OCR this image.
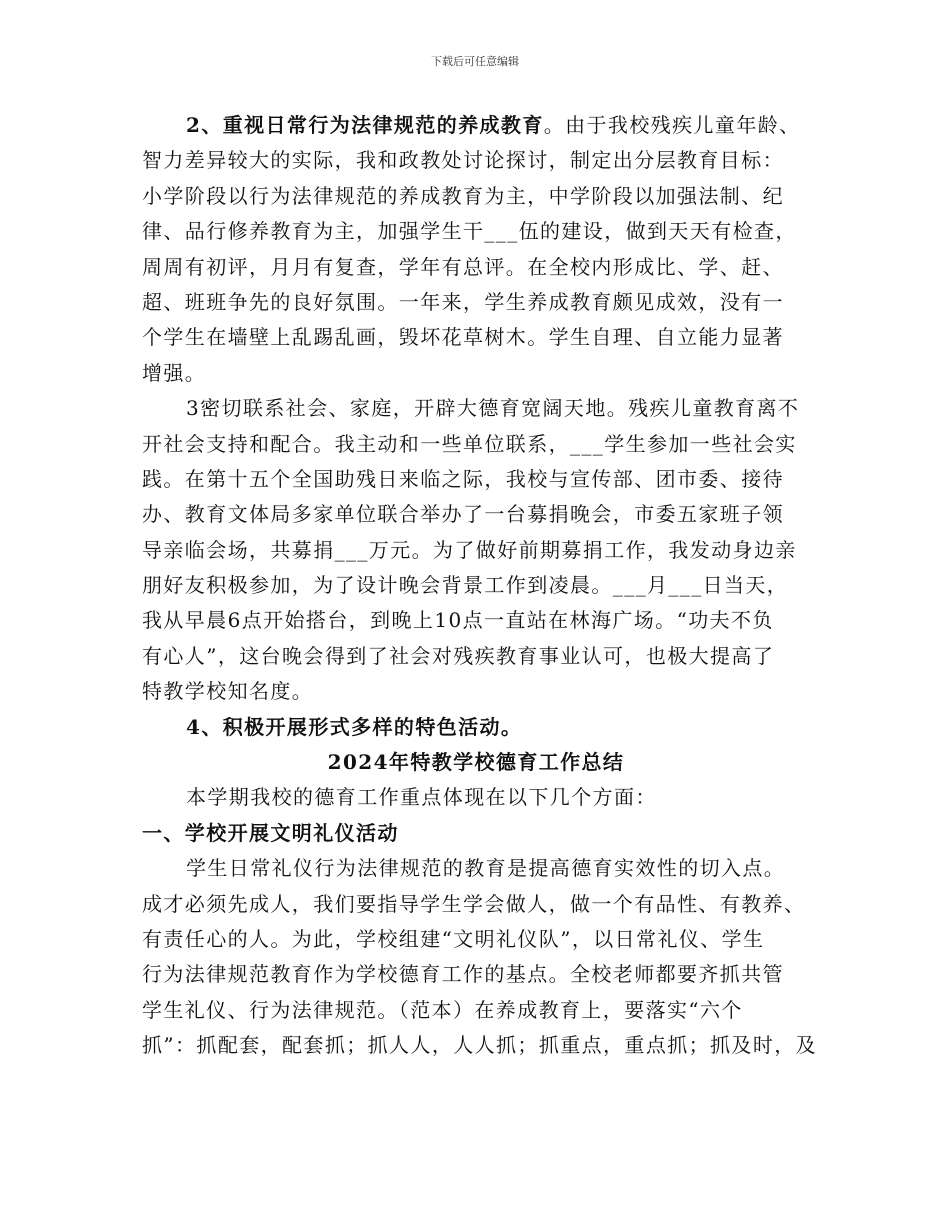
下载后可任意编辑
2、重视日常行为法律规范的养成教育。由于我校残疾儿童年龄、
智力差异较大的实际，我和政教处讨论探讨，制定出分层教育目标：
小学阶段以行为法律规范的养成教育为主，中学阶段以加强法制、纪
律、品行修养教育为主，加强学生干___伍的建设，做到天天有检查，
周周有初评，月月有复查，学年有总评。在全校内形成比、学、赶、
超、班班争先的良好氛围。一年来，学生养成教育颇见成效，没有一
个学生在墙壁上乱踢乱画，毁坏花草树木。学生自理、自立能力显著
增强。
3密切联系社会、家庭，开辟大德育宽阔天地。残疾儿童教育离不
开社会支持和配合。我主动和一些单位联系，___学生参加一些社会实
践。在第十五个全国助残日来临之际，我校与宣传部、团市委、接待
办、教育文体局多家单位联合举办了一台募捐晚会，市委五家班子领
导亲临会场，共募捐___万元。为了做好前期募捐工作，我发动身边亲
朋好友积极参加，为了设计晚会背景工作到凌晨。___月___日当天，
我从早晨6点开始搭台，到晚上10点一直站在林海广场。“功夫不负
有心人”，这台晚会得到了社会对残疾教育事业认可，也极大提高了
特教学校知名度。
4、积极开展形式多样的特色活动。
2024年特教学校德育工作总结
本学期我校的德育工作重点体现在以下几个方面：
一、学校开展文明礼仪活动
学生日常礼仪行为法律规范的教育是提高德育实效性的切入点。
成才必须先成人，我们要指导学生学会做人，做一个有品性、有教养、
有责任心的人。为此，学校组建“文明礼仪队”，以日常礼仪、学生
行为法律规范教育作为学校德育工作的基点。全校老师都要齐抓共管
学生礼仪、行为法律规范。（范本）在养成教育上，要落实“六个
抓”：抓配套，配套抓；抓人人，人人抓；抓重点，重点抓；抓及时，及
